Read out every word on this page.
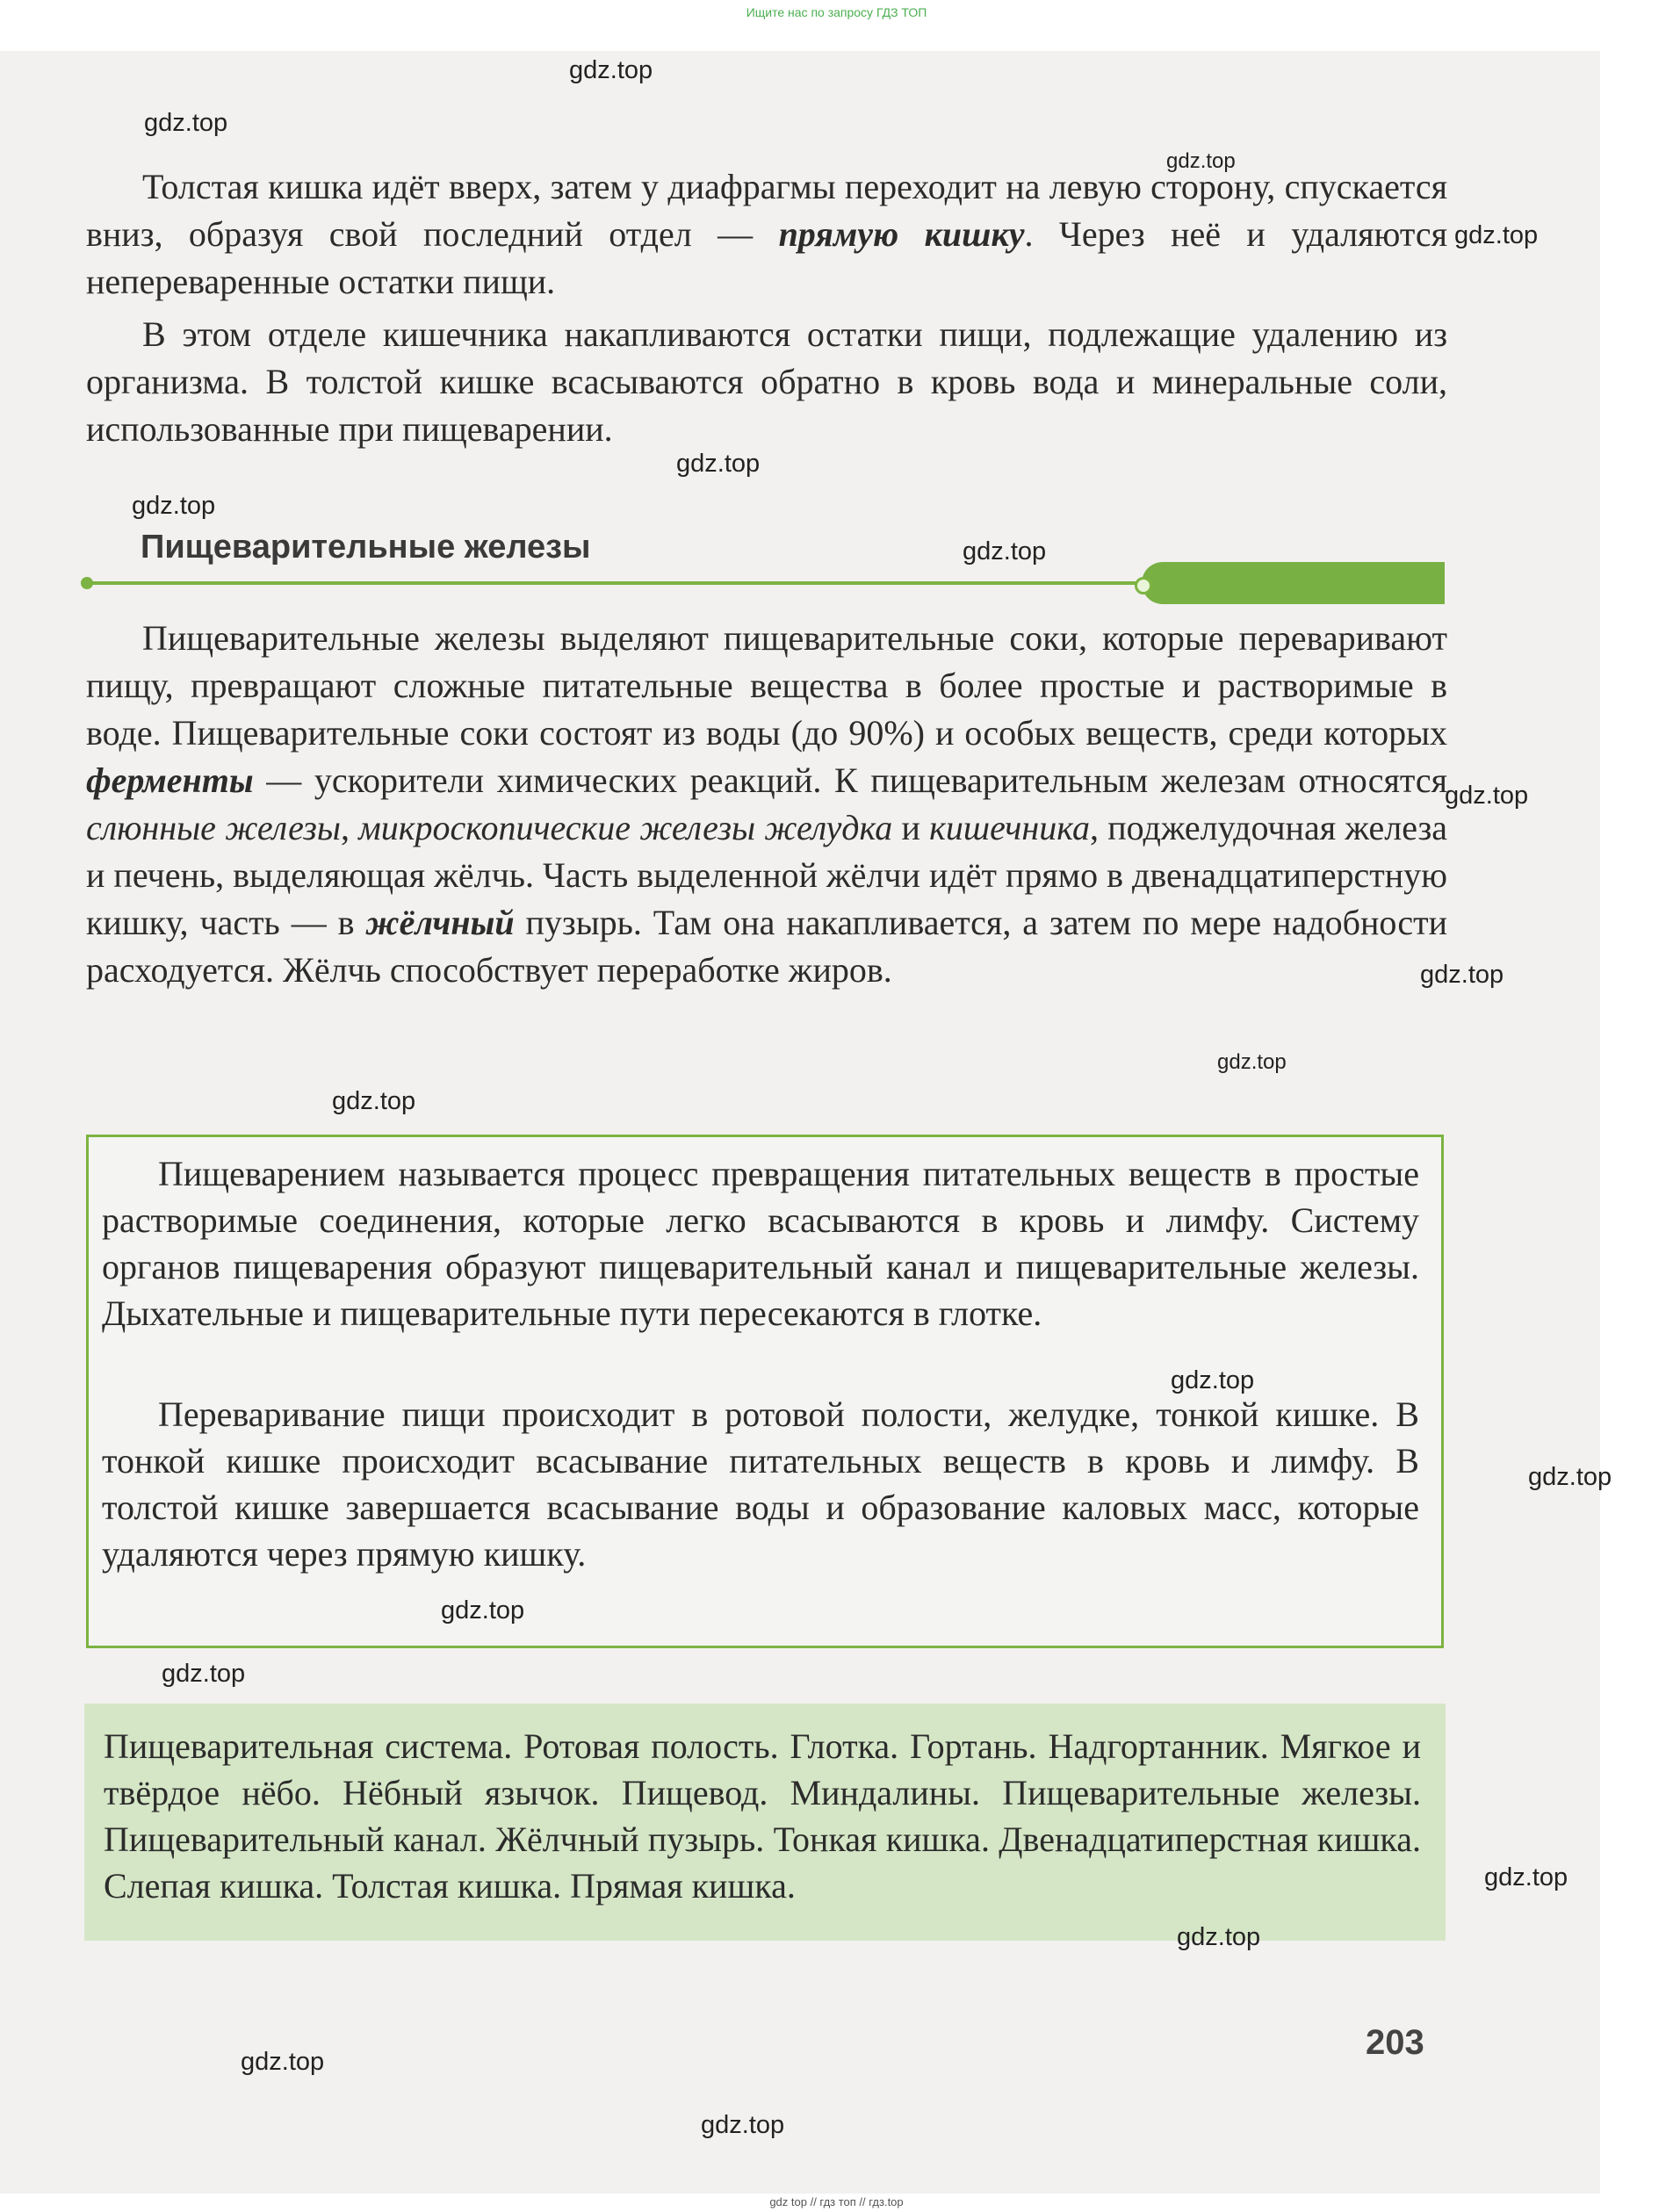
Ищите нас по запросу ГДЗ ТОП

Толстая кишка идёт вверх, затем у диафрагмы переходит на левую сторону, спускается вниз, образуя свой последний отдел — прямую кишку. Через неё и удаляются непереваренные остатки пищи.

В этом отделе кишечника накапливаются остатки пищи, подлежащие удалению из организма. В толстой кишке всасываются обратно в кровь вода и минеральные соли, использованные при пищеварении.

Пищеварительные железы

Пищеварительные железы выделяют пищеварительные соки, которые переваривают пищу, превращают сложные питательные вещества в более простые и растворимые в воде. Пищеварительные соки состоят из воды (до 90%) и особых веществ, среди которых ферменты — ускорители химических реакций. К пищеварительным железам относятся слюнные железы, микроскопические железы желудка и кишечника, поджелудочная железа и печень, выделяющая жёлчь. Часть выделенной жёлчи идёт прямо в двенадцатиперстную кишку, часть — в жёлчный пузырь. Там она накапливается, а затем по мере надобности расходуется. Жёлчь способствует переработке жиров.

Пищеварением называется процесс превращения питательных веществ в простые растворимые соединения, которые легко всасываются в кровь и лимфу. Систему органов пищеварения образуют пищеварительный канал и пищеварительные железы. Дыхательные и пищеварительные пути пересекаются в глотке.

Переваривание пищи происходит в ротовой полости, желудке, тонкой кишке. В тонкой кишке происходит всасывание питательных веществ в кровь и лимфу. В толстой кишке завершается всасывание воды и образование каловых масс, которые удаляются через прямую кишку.

Пищеварительная система. Ротовая полость. Глотка. Гортань. Надгортанник. Мягкое и твёрдое нёбо. Нёбный язычок. Пищевод. Миндалины. Пищеварительные железы. Пищеварительный канал. Жёлчный пузырь. Тонкая кишка. Двенадцатиперстная кишка. Слепая кишка. Толстая кишка. Прямая кишка.

203
gdz.top
gdz.top
gdz.top
gdz.top
gdz.top
gdz.top
gdz.top
gdz.top
gdz.top
gdz.top
gdz.top
gdz.top
gdz.top
gdz.top
gdz.top
gdz.top
gdz.top
gdz.top
gdz.top
gdz top // гдз топ // гдз.top
